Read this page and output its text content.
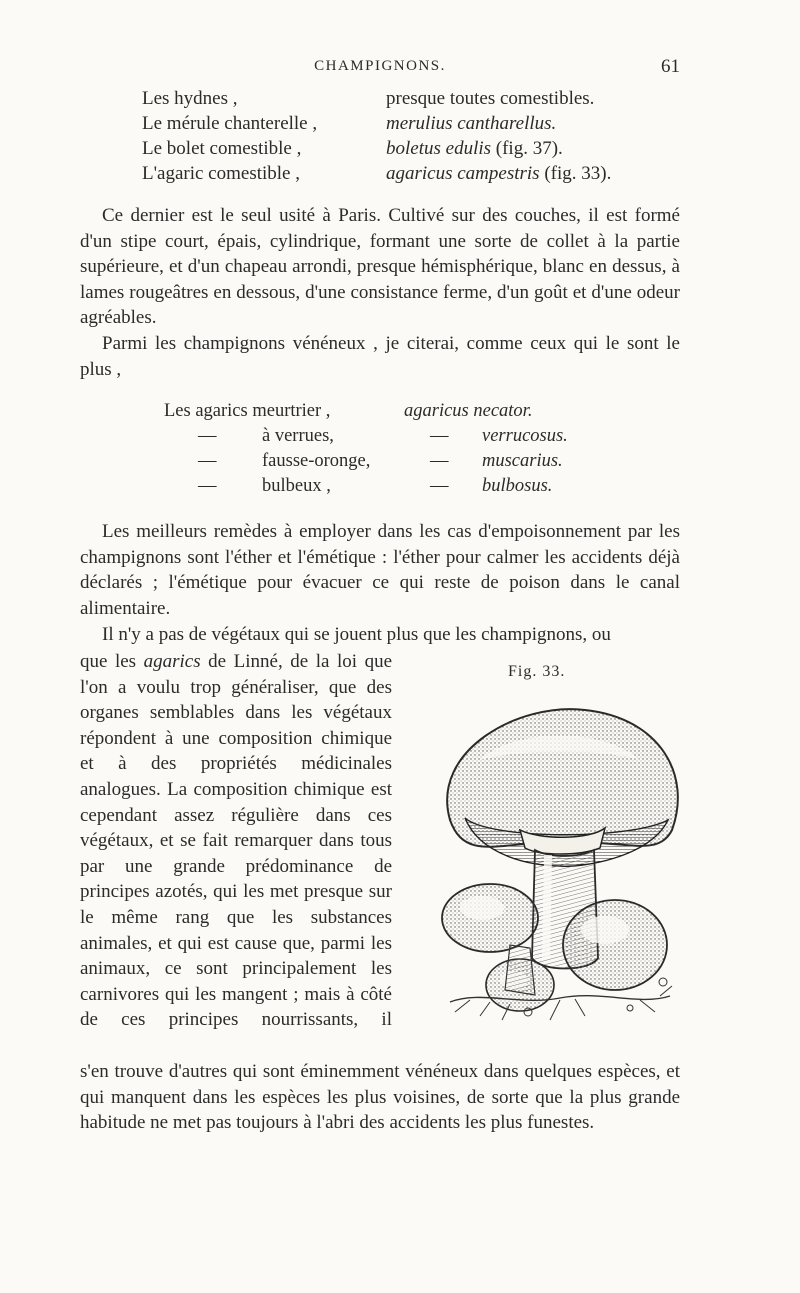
CHAMPIGNONS.	61
Les hydnes ,	presque toutes comestibles.
Le mérule chanterelle ,	merulius cantharellus.
Le bolet comestible ,	boletus edulis (fig. 37).
L'agaric comestible ,	agaricus campestris (fig. 33).

Ce dernier est le seul usité à Paris. Cultivé sur des couches, il est formé d'un stipe court, épais, cylindrique, formant une sorte de collet à la partie supérieure, et d'un chapeau arrondi, presque hémisphérique, blanc en dessus, à lames rougeâtres en dessous, d'une consistance ferme, d'un goût et d'une odeur agréables.

Parmi les champignons vénéneux , je citerai, comme ceux qui le sont le plus ,

Les agarics meurtrier ,	agaricus necator.
— à verrues,	— verrucosus.
— fausse-oronge,	— muscarius.
— bulbeux ,	— bulbosus.

Les meilleurs remèdes à employer dans les cas d'empoisonnement par les champignons sont l'éther et l'émétique : l'éther pour calmer les accidents déjà déclarés ; l'émétique pour évacuer ce qui reste de poison dans le canal alimentaire.

Il n'y a pas de végétaux qui se jouent plus que les champignons, ou

que les agarics de Linné, de la loi que l'on a voulu trop généraliser, que des organes semblables dans les végétaux répondent à une composition chimique et à des propriétés médicinales analogues. La composition chimique est cependant assez régulière dans ces végétaux, et se fait remarquer dans tous par une grande prédominance de principes azotés, qui les met presque sur le même rang que les substances animales, et qui est cause que, parmi les animaux, ce sont principalement les carnivores qui les mangent ; mais à côté de ces principes nourrissants, il

s'en trouve d'autres qui sont éminemment vénéneux dans quelques espèces, et qui manquent dans les espèces les plus voisines, de sorte que la plus grande habitude ne met pas toujours à l'abri des accidents les plus funestes.

Fig. 33.
